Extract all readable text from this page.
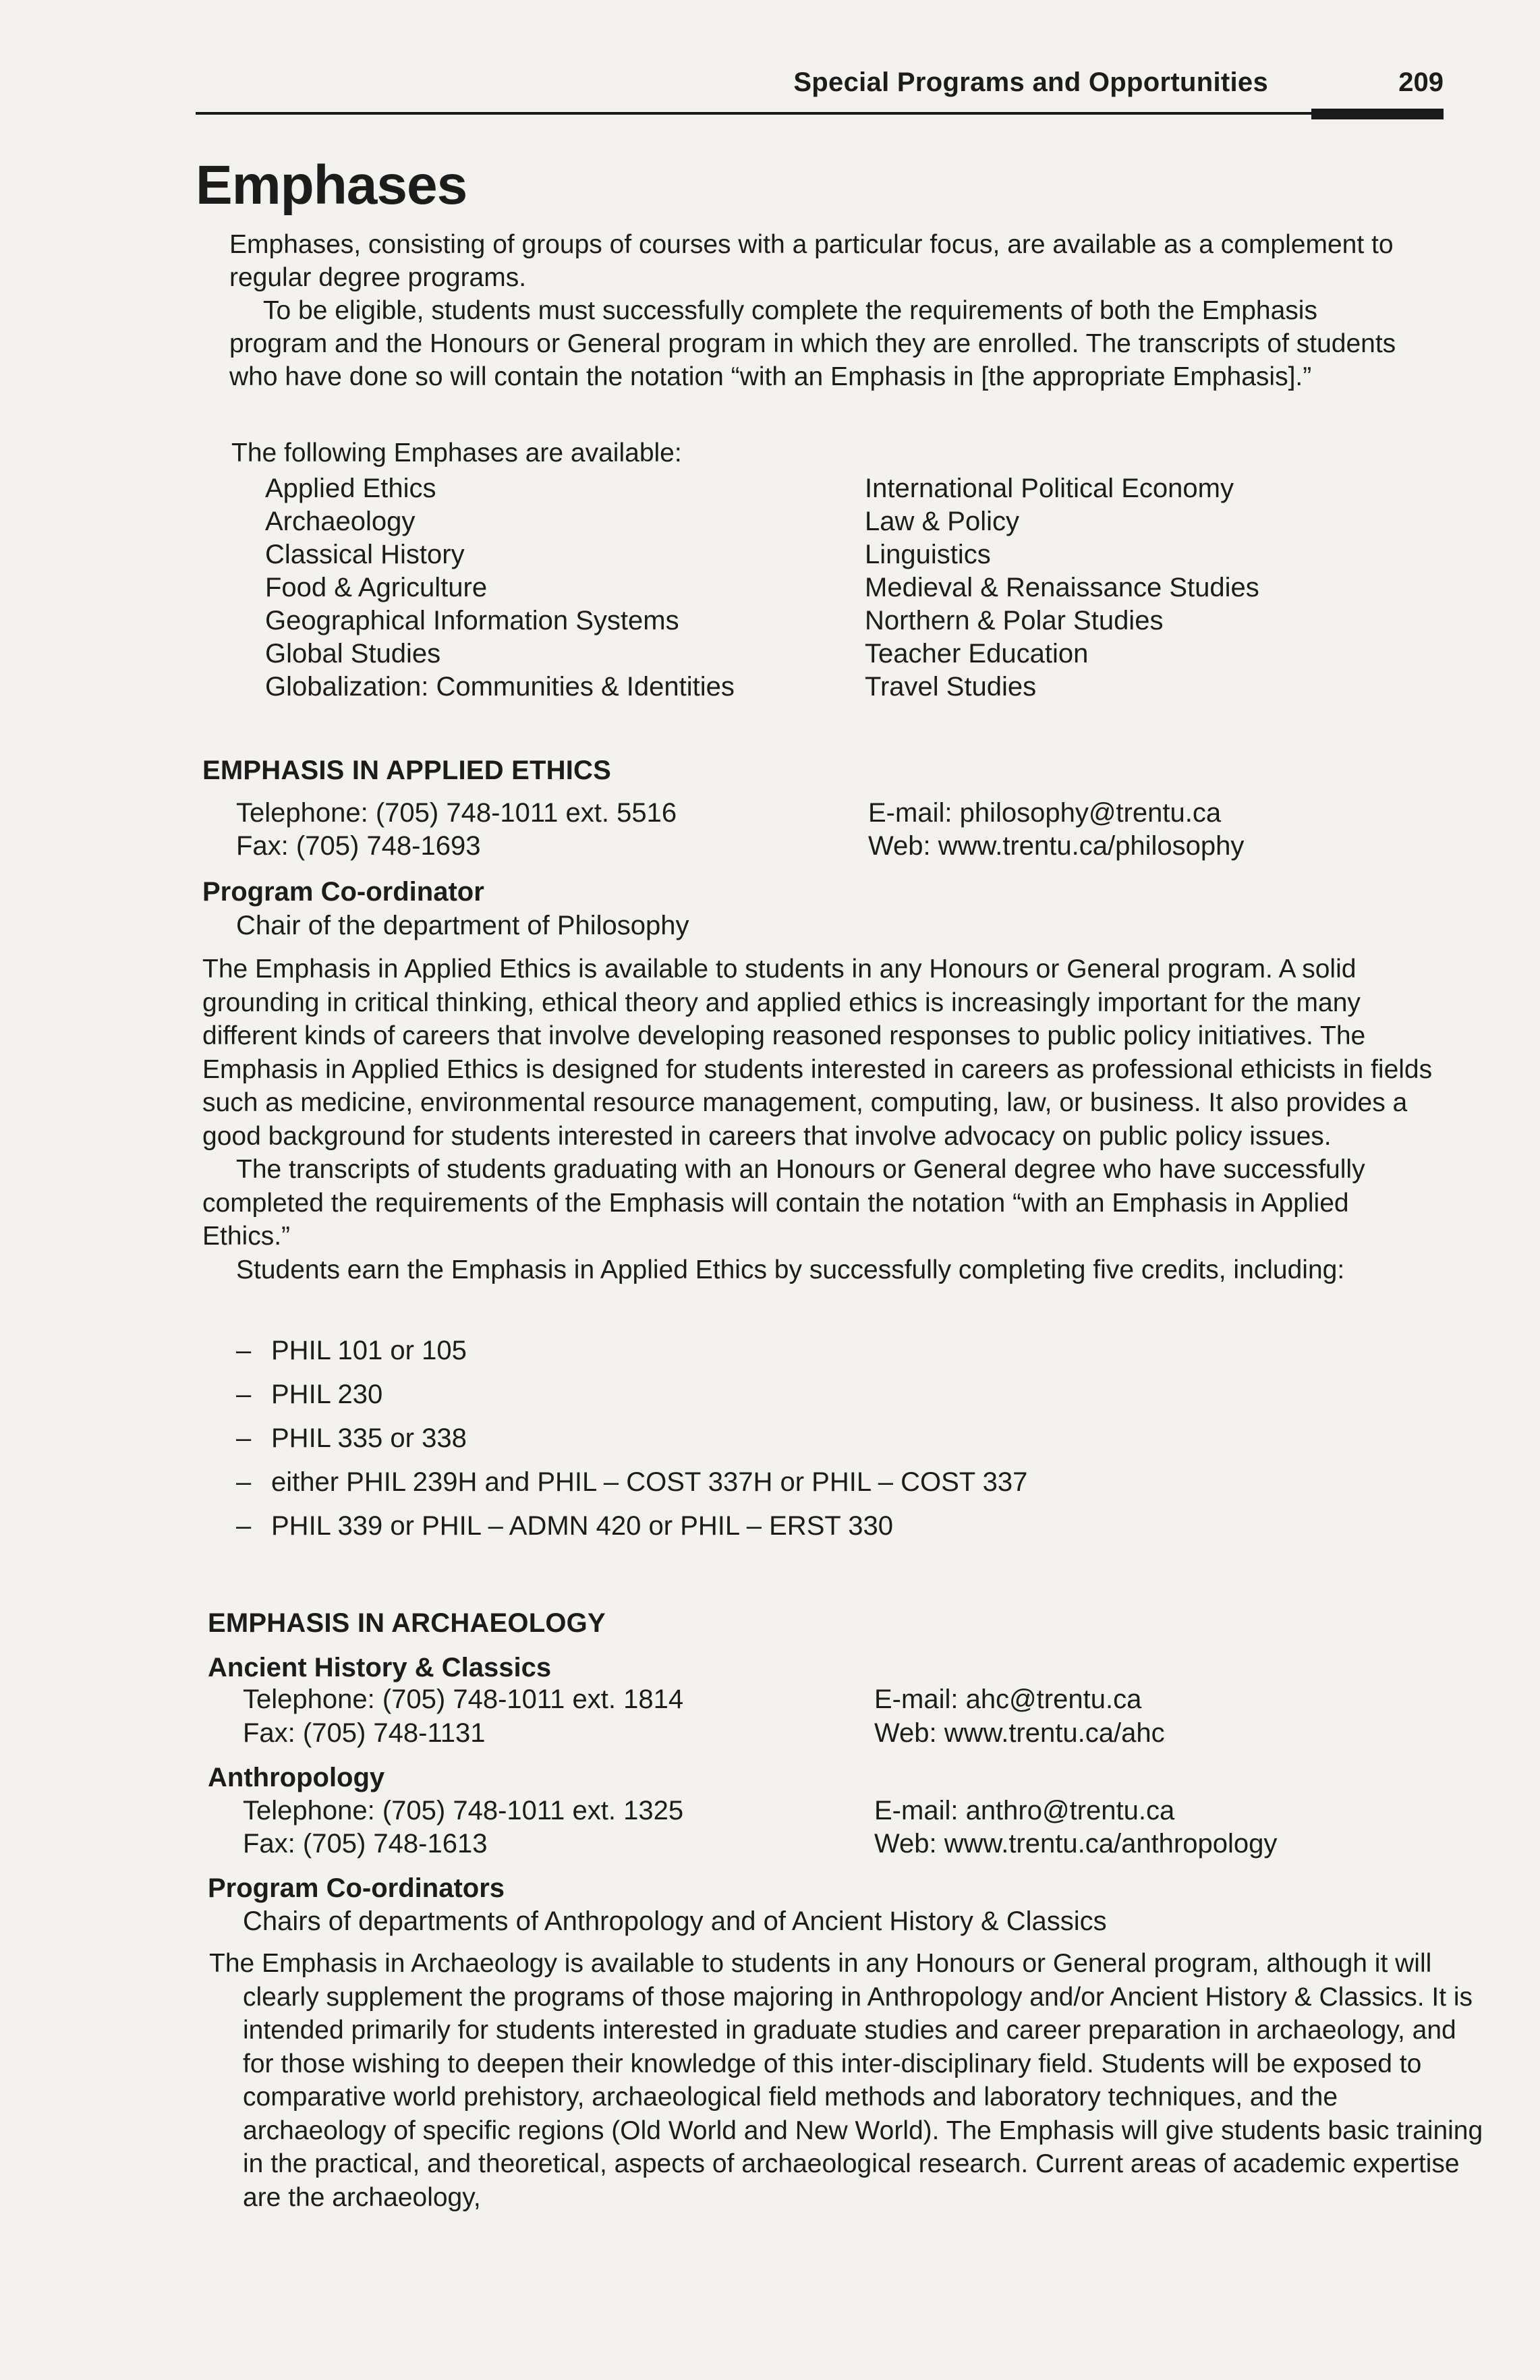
Special Programs and Opportunities	209
Emphases

Emphases, consisting of groups of courses with a particular focus, are available as a complement to regular degree programs.

To be eligible, students must successfully complete the requirements of both the Emphasis program and the Honours or General program in which they are enrolled. The transcripts of students who have done so will contain the notation “with an Emphasis in [the appropriate Emphasis].”

The following Emphases are available:
Applied Ethics
Archaeology
Classical History
Food & Agriculture
Geographical Information Systems
Global Studies
Globalization: Communities & Identities
International Political Economy
Law & Policy
Linguistics
Medieval & Renaissance Studies
Northern & Polar Studies
Teacher Education
Travel Studies
EMPHASIS IN APPLIED ETHICS
Telephone: (705) 748-1011 ext. 5516
Fax: (705) 748-1693
E-mail: philosophy@trentu.ca
Web: www.trentu.ca/philosophy
Program Co-ordinator
Chair of the department of Philosophy

The Emphasis in Applied Ethics is available to students in any Honours or General program. A solid grounding in critical thinking, ethical theory and applied ethics is increasingly important for the many different kinds of careers that involve developing reasoned responses to public policy initiatives. The Emphasis in Applied Ethics is designed for students interested in careers as professional ethicists in fields such as medicine, environmental resource management, computing, law, or business. It also provides a good background for students interested in careers that involve advocacy on public policy issues.

The transcripts of students graduating with an Honours or General degree who have successfully completed the requirements of the Emphasis will contain the notation “with an Emphasis in Applied Ethics.”

Students earn the Emphasis in Applied Ethics by successfully completing five credits, including:

– PHIL 101 or 105
– PHIL 230
– PHIL 335 or 338
– either PHIL 239H and PHIL – COST 337H or PHIL – COST 337
– PHIL 339 or PHIL – ADMN 420 or PHIL – ERST 330
EMPHASIS IN ARCHAEOLOGY
Ancient History & Classics
Telephone: (705) 748-1011 ext. 1814
Fax: (705) 748-1131
E-mail: ahc@trentu.ca
Web: www.trentu.ca/ahc
Anthropology
Telephone: (705) 748-1011 ext. 1325
Fax: (705) 748-1613
E-mail: anthro@trentu.ca
Web: www.trentu.ca/anthropology
Program Co-ordinators
Chairs of departments of Anthropology and of Ancient History & Classics
The Emphasis in Archaeology is available to students in any Honours or General program, although it will clearly supplement the programs of those majoring in Anthropology and/or Ancient History & Classics. It is intended primarily for students interested in graduate studies and career preparation in archaeology, and for those wishing to deepen their knowledge of this inter-disciplinary field. Students will be exposed to comparative world prehistory, archaeological field methods and laboratory techniques, and the archaeology of specific regions (Old World and New World). The Emphasis will give students basic training in the practical, and theoretical, aspects of archaeological research. Current areas of academic expertise are the archaeology,
